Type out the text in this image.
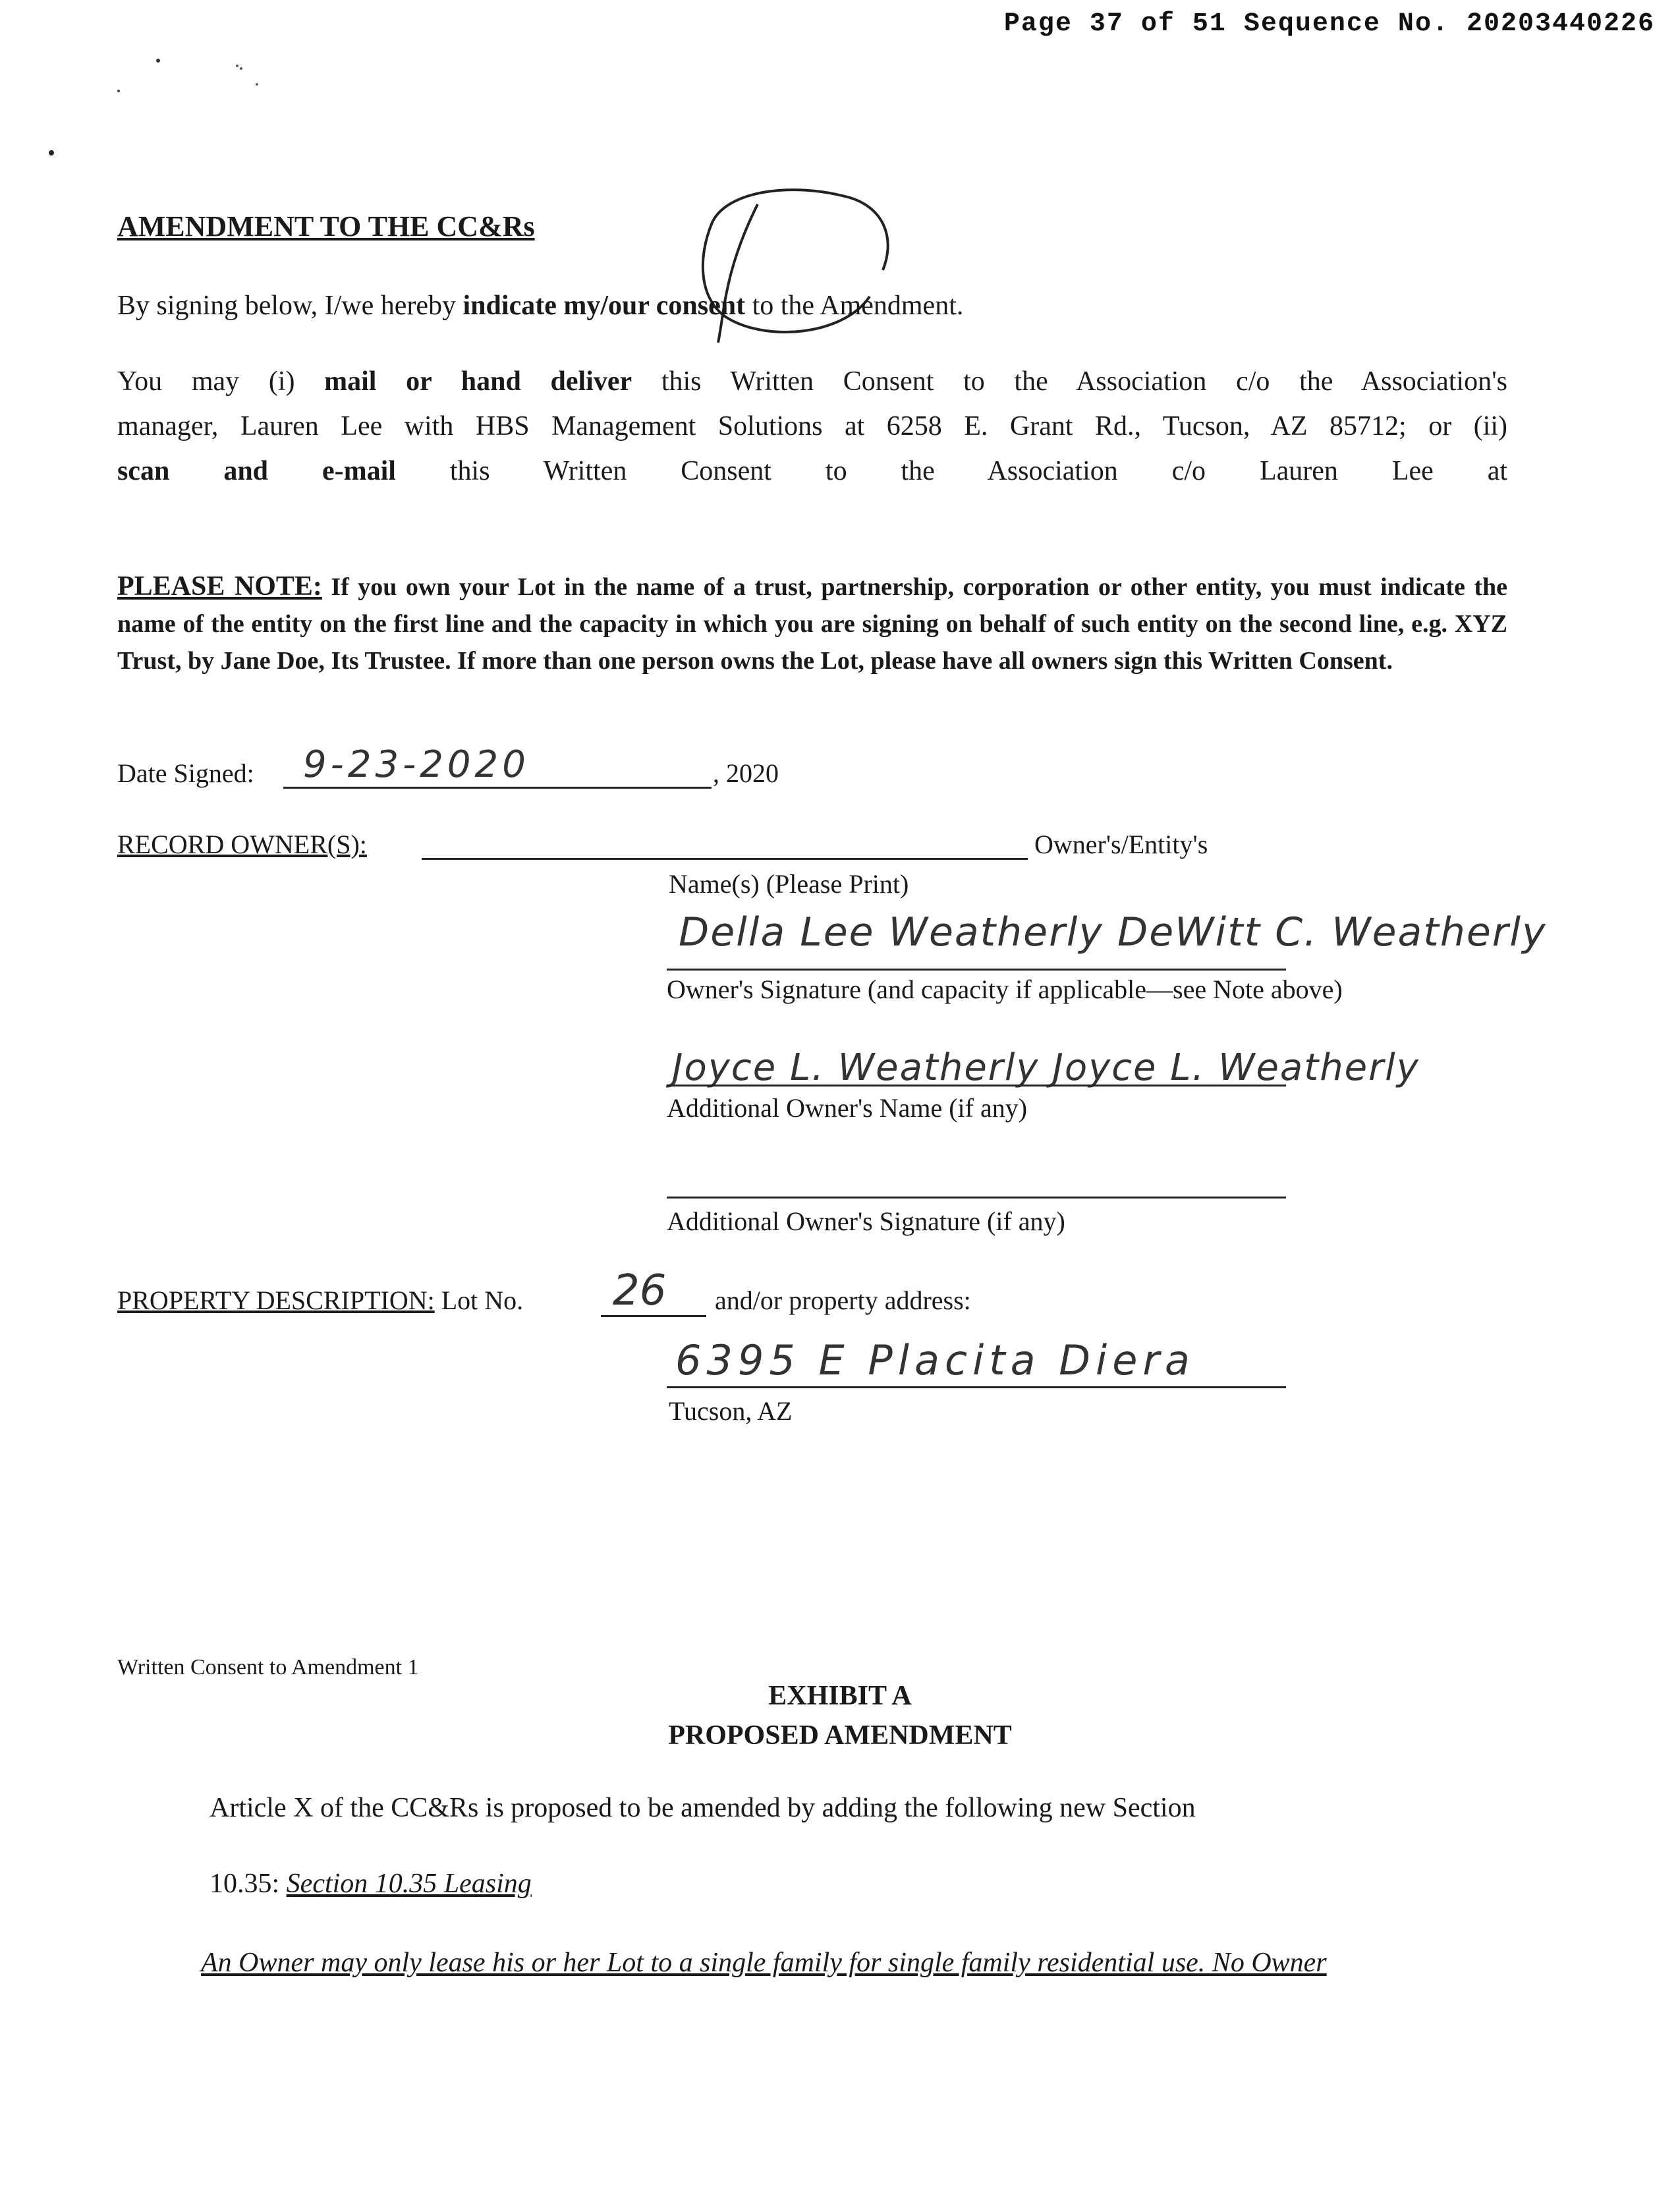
Page 37 of 51 Sequence No. 20203440226
AMENDMENT TO THE CC&Rs
By signing below, I/we hereby indicate my/our consent to the Amendment.
You may (i) mail or hand deliver this Written Consent to the Association c/o the Association's
manager, Lauren Lee with HBS Management Solutions at 6258 E. Grant Rd., Tucson, AZ 85712; or (ii)
scan and e-mail this Written Consent to the Association c/o Lauren Lee at
PLEASE NOTE: If you own your Lot in the name of a trust, partnership, corporation or other entity, you must indicate the name of the entity on the first line and the capacity in which you are signing on behalf of such entity on the second line, e.g. XYZ Trust, by Jane Doe, Its Trustee. If more than one person owns the Lot, please have all owners sign this Written Consent.
Date Signed: 9-23-2020	, 2020
RECORD OWNER(S):	Owner's/Entity's
Name(s) (Please Print)
Della Lee Weatherly DeWitt C. Weatherly
Owner's Signature (and capacity if applicable—see Note above)
Joyce L. Weatherly Joyce L. Weatherly
Additional Owner's Name (if any)
Additional Owner's Signature (if any)
PROPERTY DESCRIPTION: Lot No. 26 and/or property address:
6395 E Placita Diera
Tucson, AZ
Written Consent to Amendment 1
EXHIBIT A
PROPOSED AMENDMENT
Article X of the CC&Rs is proposed to be amended by adding the following new Section
10.35: Section 10.35 Leasing
An Owner may only lease his or her Lot to a single family for single family residential use. No Owner
